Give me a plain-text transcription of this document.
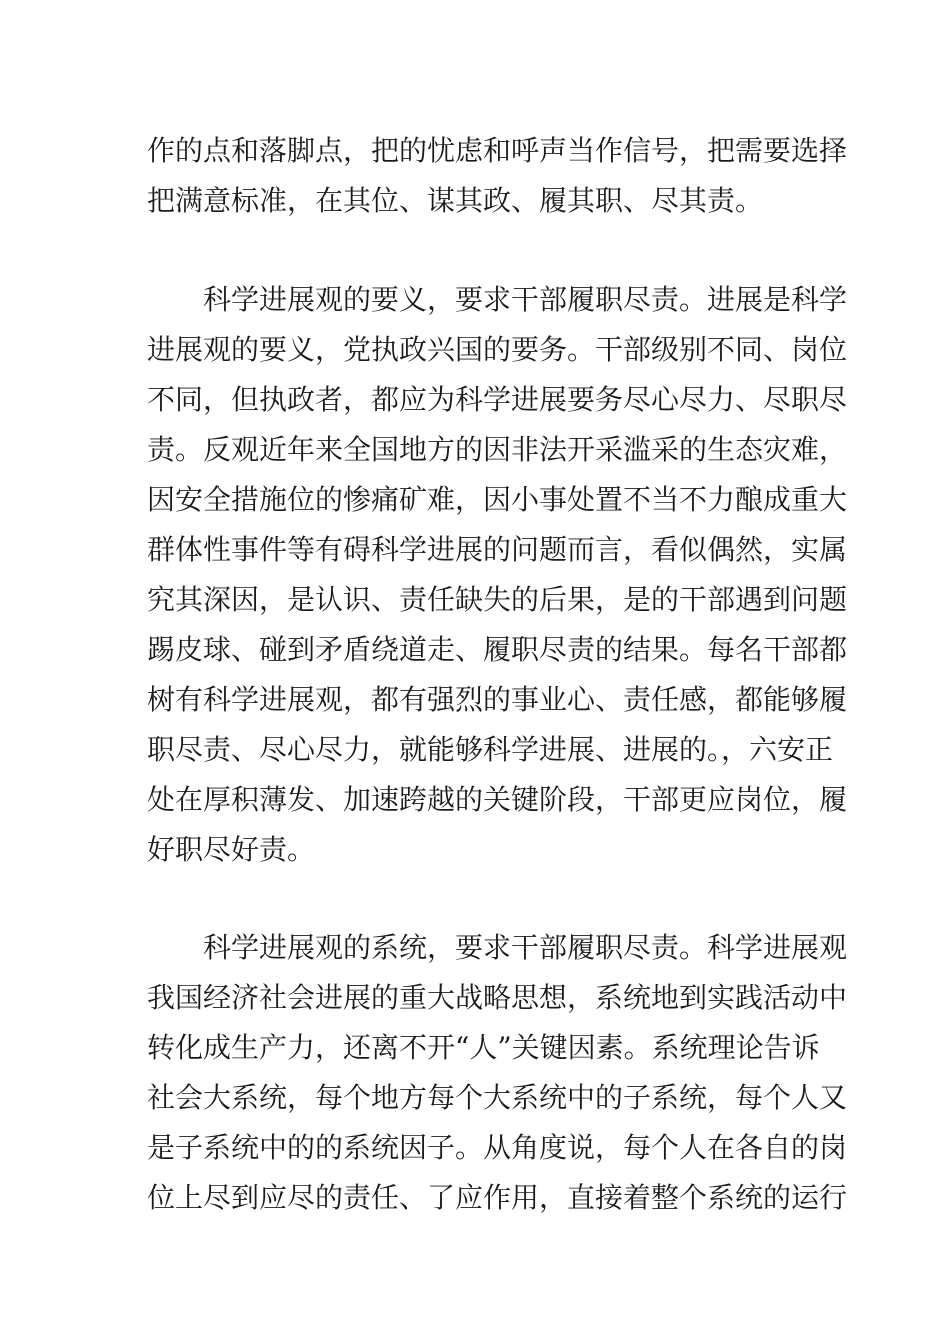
作的点和落脚点，把的忧虑和呼声当作信号，把需要选择
把满意标准，在其位、谋其政、履其职、尽其责。
科学进展观的要义，要求干部履职尽责。进展是科学
进展观的要义，党执政兴国的要务。干部级别不同、岗位
不同，但执政者，都应为科学进展要务尽心尽力、尽职尽
责。反观近年来全国地方的因非法开采滥采的生态灾难，
因安全措施位的惨痛矿难，因小事处置不当不力酿成重大
群体性事件等有碍科学进展的问题而言，看似偶然，实属
究其深因，是认识、责任缺失的后果，是的干部遇到问题
踢皮球、碰到矛盾绕道走、履职尽责的结果。每名干部都
树有科学进展观，都有强烈的事业心、责任感，都能够履
职尽责、尽心尽力，就能够科学进展、进展的。，六安正
处在厚积薄发、加速跨越的关键阶段，干部更应岗位，履
好职尽好责。
科学进展观的系统，要求干部履职尽责。科学进展观
我国经济社会进展的重大战略思想，系统地到实践活动中
转化成生产力，还离不开“人”关键因素。系统理论告诉
社会大系统，每个地方每个大系统中的子系统，每个人又
是子系统中的的系统因子。从角度说，每个人在各自的岗
位上尽到应尽的责任、了应作用，直接着整个系统的运行
